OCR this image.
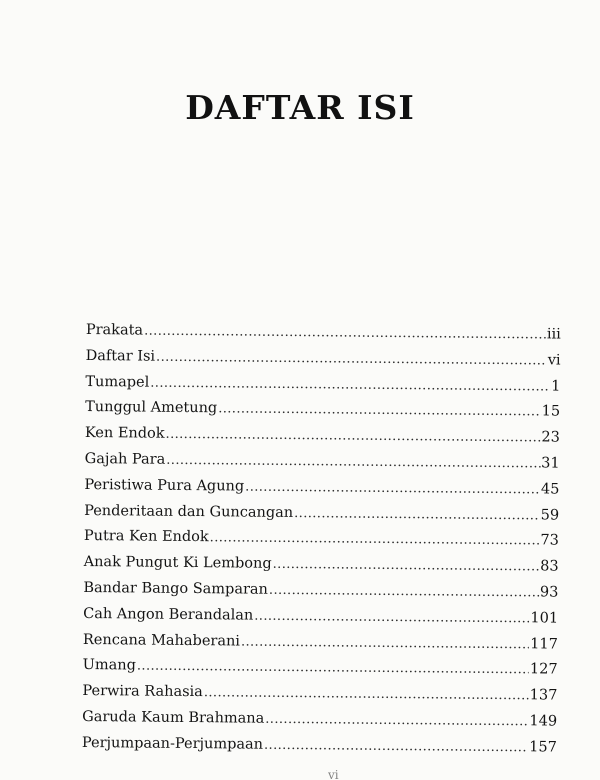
DAFTAR ISI
Prakata .....	iii
Daftar Isi .....	vi
Tumapel .....	1
Tunggul Ametung .....	15
Ken Endok .....	23
Gajah Para .....	31
Peristiwa Pura Agung .....	45
Penderitaan dan Guncangan .....	59
Putra Ken Endok .....	73
Anak Pungut Ki Lembong .....	83
Bandar Bango Samparan .....	93
Cah Angon Berandalan .....	101
Rencana Mahaberani .....	117
Umang .....	127
Perwira Rahasia .....	137
Garuda Kaum Brahmana .....	149
Perjumpaan-Perjumpaan .....	157
vi
